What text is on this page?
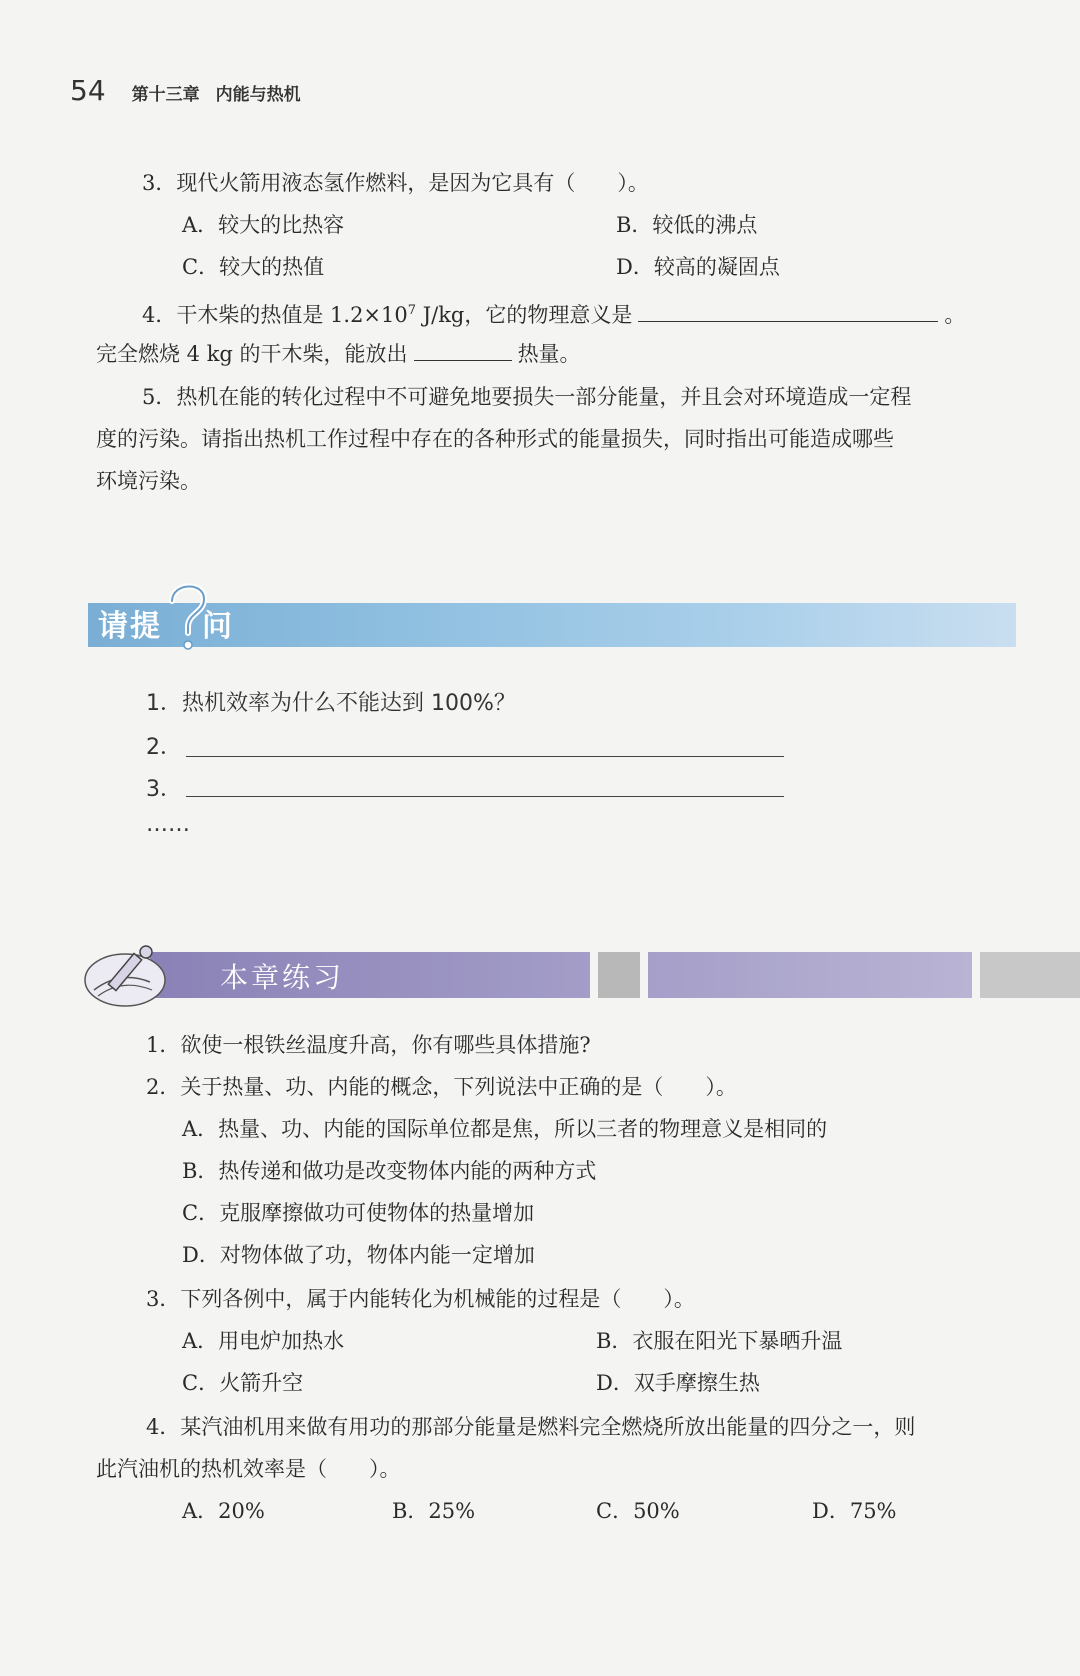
54 第十三章 内能与热机
3．现代火箭用液态氢作燃料，是因为它具有（　　）。
A．较大的比热容	B．较低的沸点
C．较大的热值	D．较高的凝固点
4．干木柴的热值是 $1.2\times 10^7$ J/kg，它的物理意义是	。
完全燃烧 4 kg 的干木柴，能放出	热量。
5．热机在能的转化过程中不可避免地要损失一部分能量，并且会对环境造成一定程
度的污染。请指出热机工作过程中存在的各种形式的能量损失，同时指出可能造成哪些
环境污染。
请提 问
1．热机效率为什么不能达到 100%？
2．
3．
……
本章练习
1．欲使一根铁丝温度升高，你有哪些具体措施?
2．关于热量、功、内能的概念，下列说法中正确的是（　　）。
A．热量、功、内能的国际单位都是焦，所以三者的物理意义是相同的
B．热传递和做功是改变物体内能的两种方式
C．克服摩擦做功可使物体的热量增加
D．对物体做了功，物体内能一定增加
3．下列各例中，属于内能转化为机械能的过程是（　　）。
A．用电炉加热水	B．衣服在阳光下暴晒升温
C．火箭升空	D．双手摩擦生热
4．某汽油机用来做有用功的那部分能量是燃料完全燃烧所放出能量的四分之一，则
此汽油机的热机效率是（　　）。
A．20%	B．25%	C．50%	D．75%
